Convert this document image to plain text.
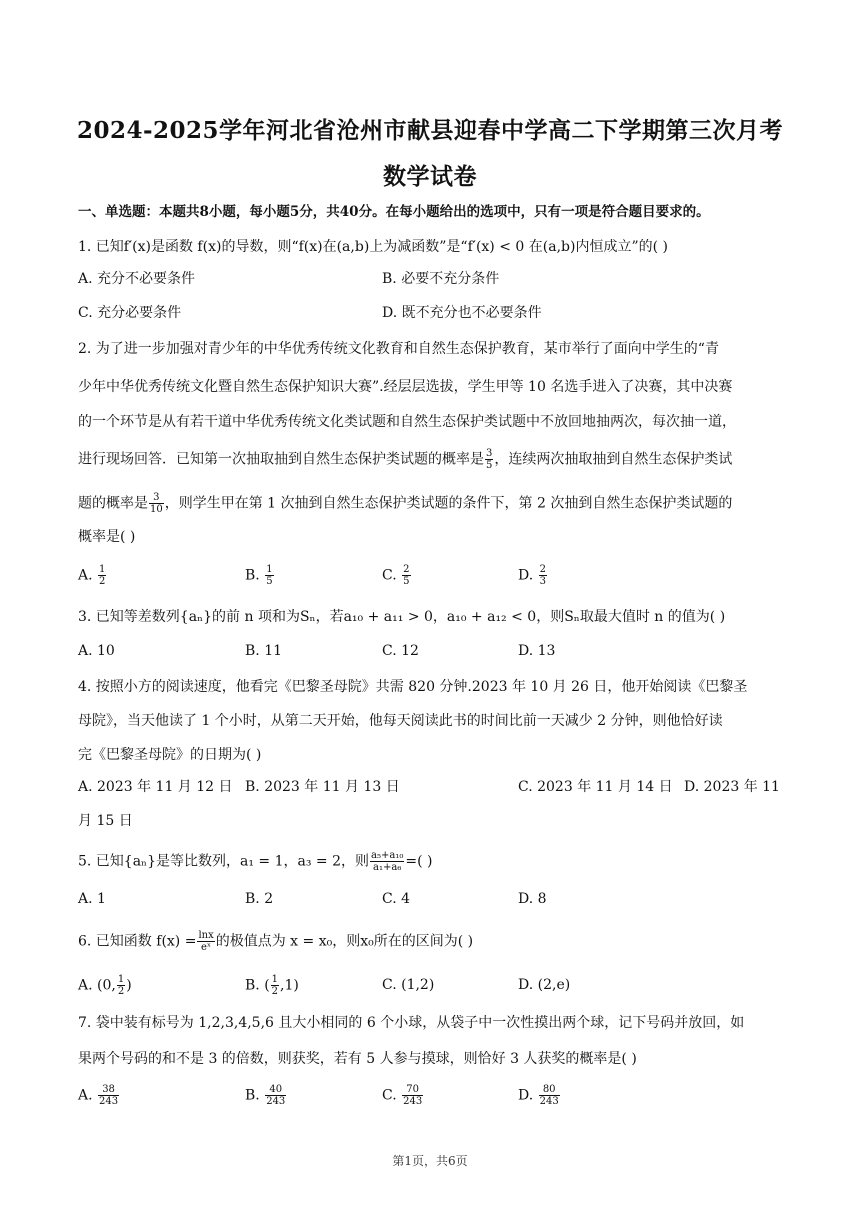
2024-2025学年河北省沧州市献县迎春中学高二下学期第三次月考
数学试卷
一、单选题：本题共8小题，每小题5分，共40分。在每小题给出的选项中，只有一项是符合题目要求的。
1. 已知f′(x)是函数 f(x)的导数，则“f(x)在(a,b)上为减函数”是“f′(x) < 0 在(a,b)内恒成立”的( )
A. 充分不必要条件	B. 必要不充分条件
C. 充分必要条件	D. 既不充分也不必要条件
2. 为了进一步加强对青少年的中华优秀传统文化教育和自然生态保护教育，某市举行了面向中学生的“青
少年中华优秀传统文化暨自然生态保护知识大赛”.经层层选拔，学生甲等 10 名选手进入了决赛，其中决赛
的一个环节是从有若干道中华优秀传统文化类试题和自然生态保护类试题中不放回地抽两次，每次抽一道，
进行现场回答．已知第一次抽取抽到自然生态保护类试题的概率是 $\frac{3}{5}$ ，连续两次抽取抽到自然生态保护类试
题的概率是 $\frac{3}{10}$ ，则学生甲在第 1 次抽到自然生态保护类试题的条件下，第 2 次抽到自然生态保护类试题的
概率是( )
A. $\frac{1}{2}$	B. $\frac{1}{5}$	C. $\frac{2}{5}$	D. $\frac{2}{3}$
3. 已知等差数列{aₙ}的前 n 项和为Sₙ，若a₁₀ + a₁₁ > 0，a₁₀ + a₁₂ < 0，则Sₙ取最大值时 n 的值为( )
A. 10	B. 11	C. 12	D. 13
4. 按照小方的阅读速度，他看完《巴黎圣母院》共需 820 分钟.2023 年 10 月 26 日，他开始阅读《巴黎圣
母院》，当天他读了 1 个小时，从第二天开始，他每天阅读此书的时间比前一天减少 2 分钟，则他恰好读
完《巴黎圣母院》的日期为( )
A. 2023 年 11 月 12 日 B. 2023 年 11 月 13 日	C. 2023 年 11 月 14 日 D. 2023 年 11
月 15 日
5. 已知{aₙ}是等比数列，a₁ = 1，a₃ = 2，则 $\frac{\text{a₅+a₁₀}}{\text{a₁+a₆}}$ =( )
A. 1	B. 2	C. 4	D. 8
6. 已知函数 $f(x) = \frac{\ln x}{\text{eˣ}}$ 的极值点为 x = x₀，则x₀所在的区间为( )
A. (0, $\frac{1}{2}$ )	B. ( $\frac{1}{2} ,1$)	C. (1,2)	D. (2,e)
7. 袋中装有标号为 1,2,3,4,5,6 且大小相同的 6 个小球，从袋子中一次性摸出两个球，记下号码并放回，如
果两个号码的和不是 3 的倍数，则获奖，若有 5 人参与摸球，则恰好 3 人获奖的概率是( )
A. $\frac{38}{243}$	B. $\frac{40}{243}$	C. $\frac{70}{243}$	D. $\frac{80}{243}$
第1页，共6页
